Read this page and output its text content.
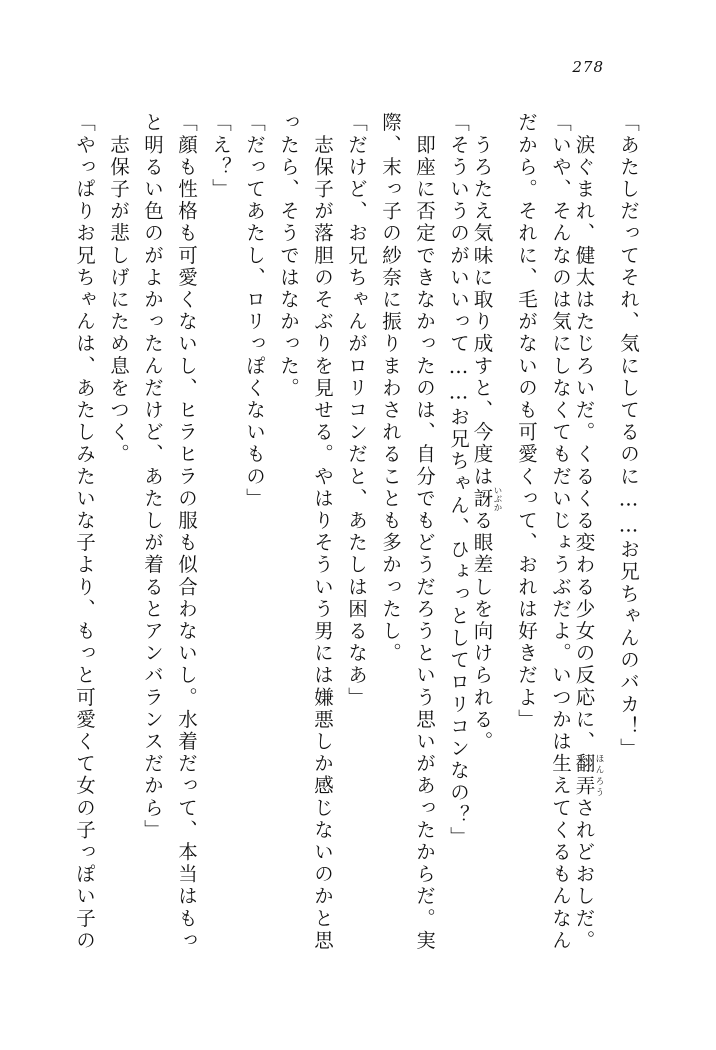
278
「あたしだってそれ、気にしてるのに……お兄ちゃんのバカ！」
　涙ぐまれ、健太はたじろいだ。くるくる変わる少女の反応に、翻弄ほんろうされどおしだ。
「いや、そんなのは気にしなくてもだいじょうぶだよ。いつかは生えてくるもんなん
だから。それに、毛がないのも可愛くって、おれは好きだよ」
　うろたえ気味に取り成すと、今度は訝いぶかる眼差しを向けられる。
「そういうのがいいって……お兄ちゃん、ひょっとしてロリコンなの？」
　即座に否定できなかったのは、自分でもどうだろうという思いがあったからだ。実
際、末っ子の紗奈に振りまわされることも多かったし。
「だけど、お兄ちゃんがロリコンだと、あたしは困るなあ」
　志保子が落胆のそぶりを見せる。やはりそういう男には嫌悪しか感じないのかと思
ったら、そうではなかった。
「だってあたし、ロリっぽくないもの」
「え？」
「顔も性格も可愛くないし、ヒラヒラの服も似合わないし。水着だって、本当はもっ
と明るい色のがよかったんだけど、あたしが着るとアンバランスだから」
　志保子が悲しげにため息をつく。
「やっぱりお兄ちゃんは、あたしみたいな子より、もっと可愛くて女の子っぽい子の
